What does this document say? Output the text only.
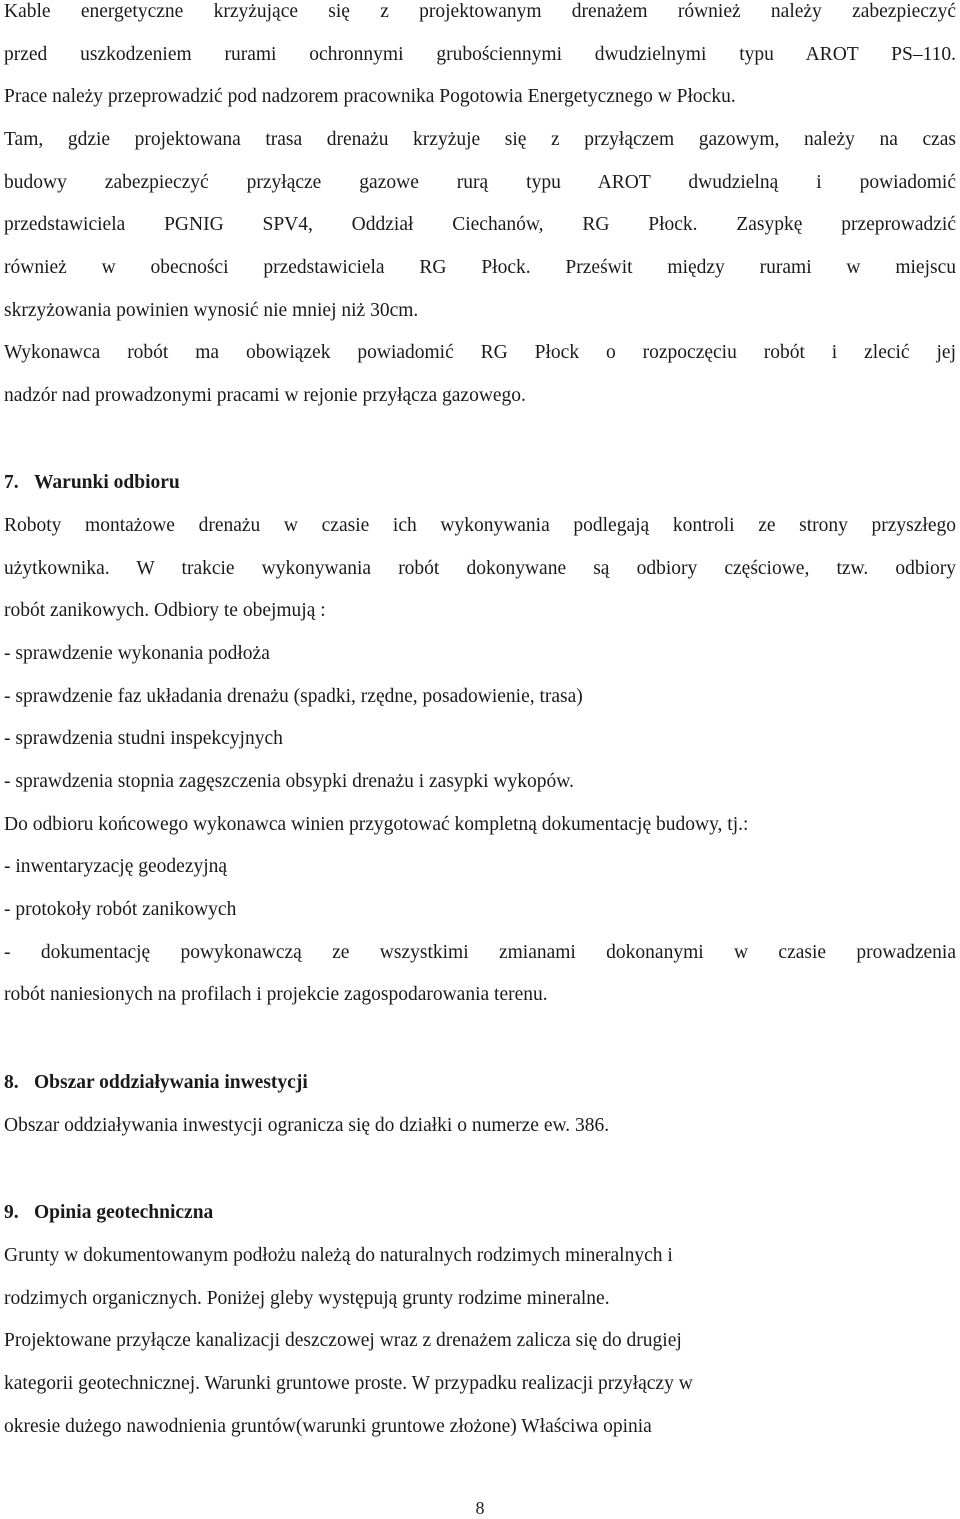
Kable energetyczne krzyżujące się z projektowanym drenażem również należy zabezpieczyć
przed uszkodzeniem rurami ochronnymi grubościennymi dwudzielnymi typu AROT PS–110.
Prace należy przeprowadzić pod nadzorem pracownika Pogotowia Energetycznego w Płocku.
Tam, gdzie projektowana trasa drenażu krzyżuje się z przyłączem gazowym, należy na czas
budowy zabezpieczyć przyłącze gazowe rurą typu AROT dwudzielną i powiadomić
przedstawiciela PGNIG SPV4, Oddział Ciechanów, RG Płock. Zasypkę przeprowadzić
również w obecności przedstawiciela RG Płock. Prześwit między rurami w miejscu
skrzyżowania powinien wynosić nie mniej niż 30cm.
Wykonawca robót ma obowiązek powiadomić RG Płock o rozpoczęciu robót i zlecić jej
nadzór nad prowadzonymi pracami w rejonie przyłącza gazowego.
7. Warunki odbioru
Roboty montażowe drenażu w czasie ich wykonywania podlegają kontroli ze strony przyszłego
użytkownika. W trakcie wykonywania robót dokonywane są odbiory częściowe, tzw. odbiory
robót zanikowych. Odbiory te obejmują :
- sprawdzenie wykonania podłoża
- sprawdzenie faz układania drenażu (spadki, rzędne, posadowienie, trasa)
- sprawdzenia studni inspekcyjnych
- sprawdzenia stopnia zagęszczenia obsypki drenażu i zasypki wykopów.
Do odbioru końcowego wykonawca winien przygotować kompletną dokumentację budowy, tj.:
- inwentaryzację geodezyjną
- protokoły robót zanikowych
- dokumentację powykonawczą ze wszystkimi zmianami dokonanymi w czasie prowadzenia
robót naniesionych na profilach i projekcie zagospodarowania terenu.
8. Obszar oddziaływania inwestycji
Obszar oddziaływania inwestycji ogranicza się do działki o numerze ew. 386.
9. Opinia geotechniczna
Grunty w dokumentowanym podłożu należą do naturalnych rodzimych mineralnych i
rodzimych organicznych. Poniżej gleby występują grunty rodzime mineralne.
Projektowane przyłącze kanalizacji deszczowej wraz z drenażem zalicza się do drugiej
kategorii geotechnicznej. Warunki gruntowe proste. W przypadku realizacji przyłączy w
okresie dużego nawodnienia gruntów(warunki gruntowe złożone) Właściwa opinia
8
